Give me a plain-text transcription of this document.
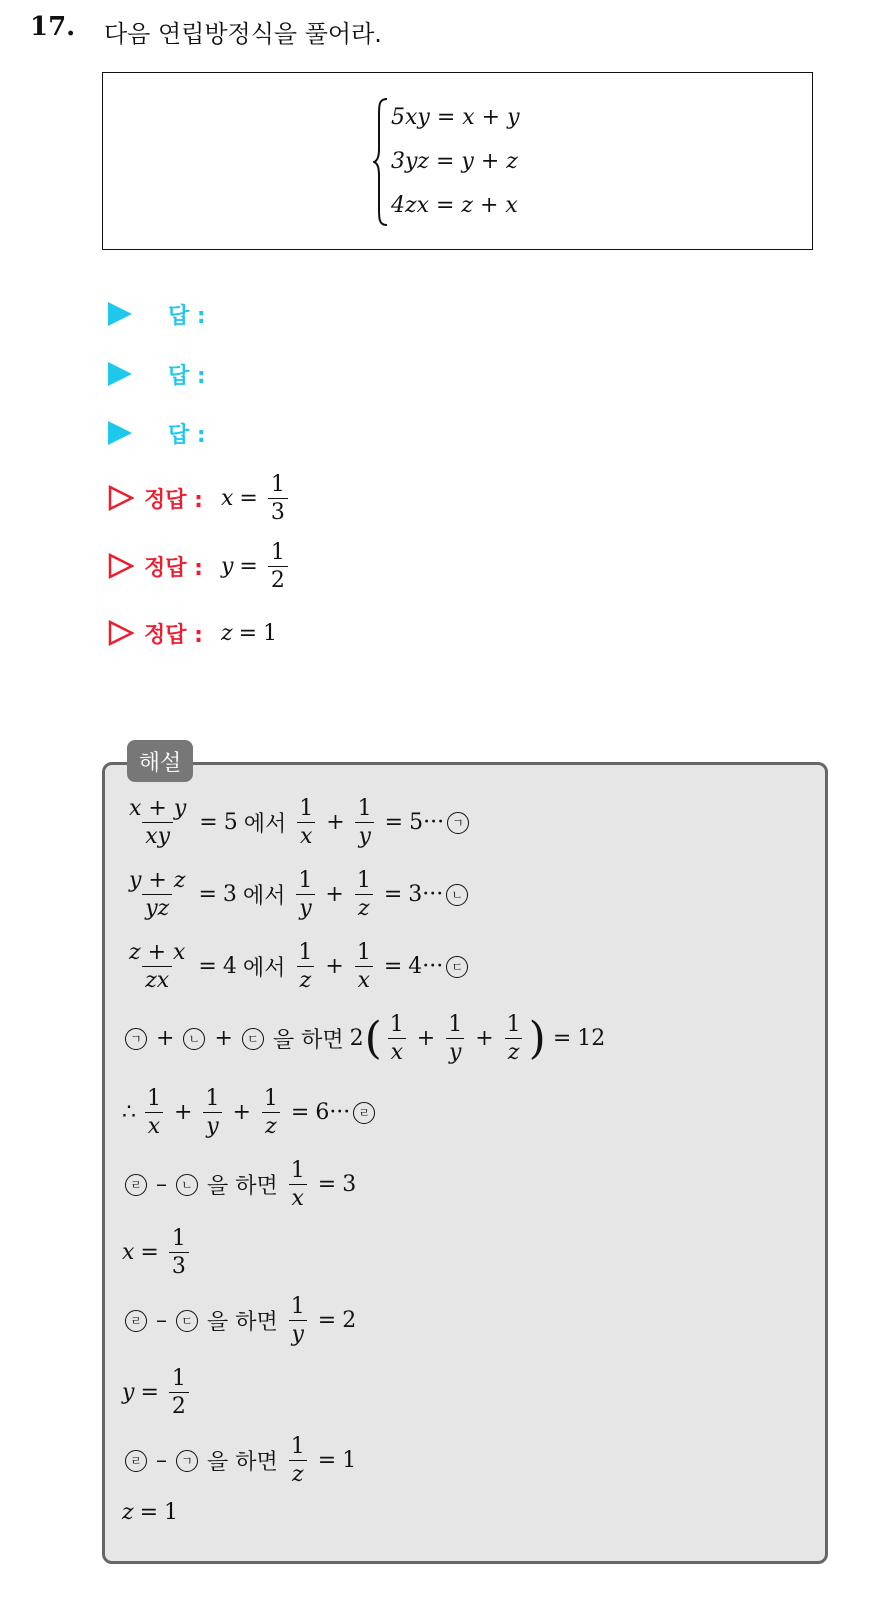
17. 다음 연립방정식을 풀어라.
5xy = x + y
3yz = y + z
4zx = z + x
답 :
답 :
답 :
정답 : $x = \frac{1}{3}$
정답 : $y = \frac{1}{2}$
정답 : z = 1
해설
$\frac{x + y}{xy} = 5$ 에서 $\frac{1}{x} + \frac{1}{y} = 5$ ··· ㄱ
$\frac{y + z}{yz} = 3$ 에서 $\frac{1}{y} + \frac{1}{z} = 3$ ··· ㄴ
$\frac{z + x}{zx} = 4$ 에서 $\frac{1}{z} + \frac{1}{x} = 4$ ··· ㄷ
ㄱ +	ㄴ +	ㄷ 을 하면 2 ( $\frac{1}{x} + \frac{1}{y} + \frac{1}{z}$ ) = 12
∴ $\frac{1}{x} + \frac{1}{y} + \frac{1}{z} = 6$ ··· ㄹ
ㄹ –	ㄴ 을 하면 $\frac{1}{x} = 3$
$x = \frac{1}{3}$
ㄹ –	ㄷ 을 하면 $\frac{1}{y} = 2$
$y = \frac{1}{2}$
ㄹ –	ㄱ 을 하면 $\frac{1}{z} = 1$
z = 1
